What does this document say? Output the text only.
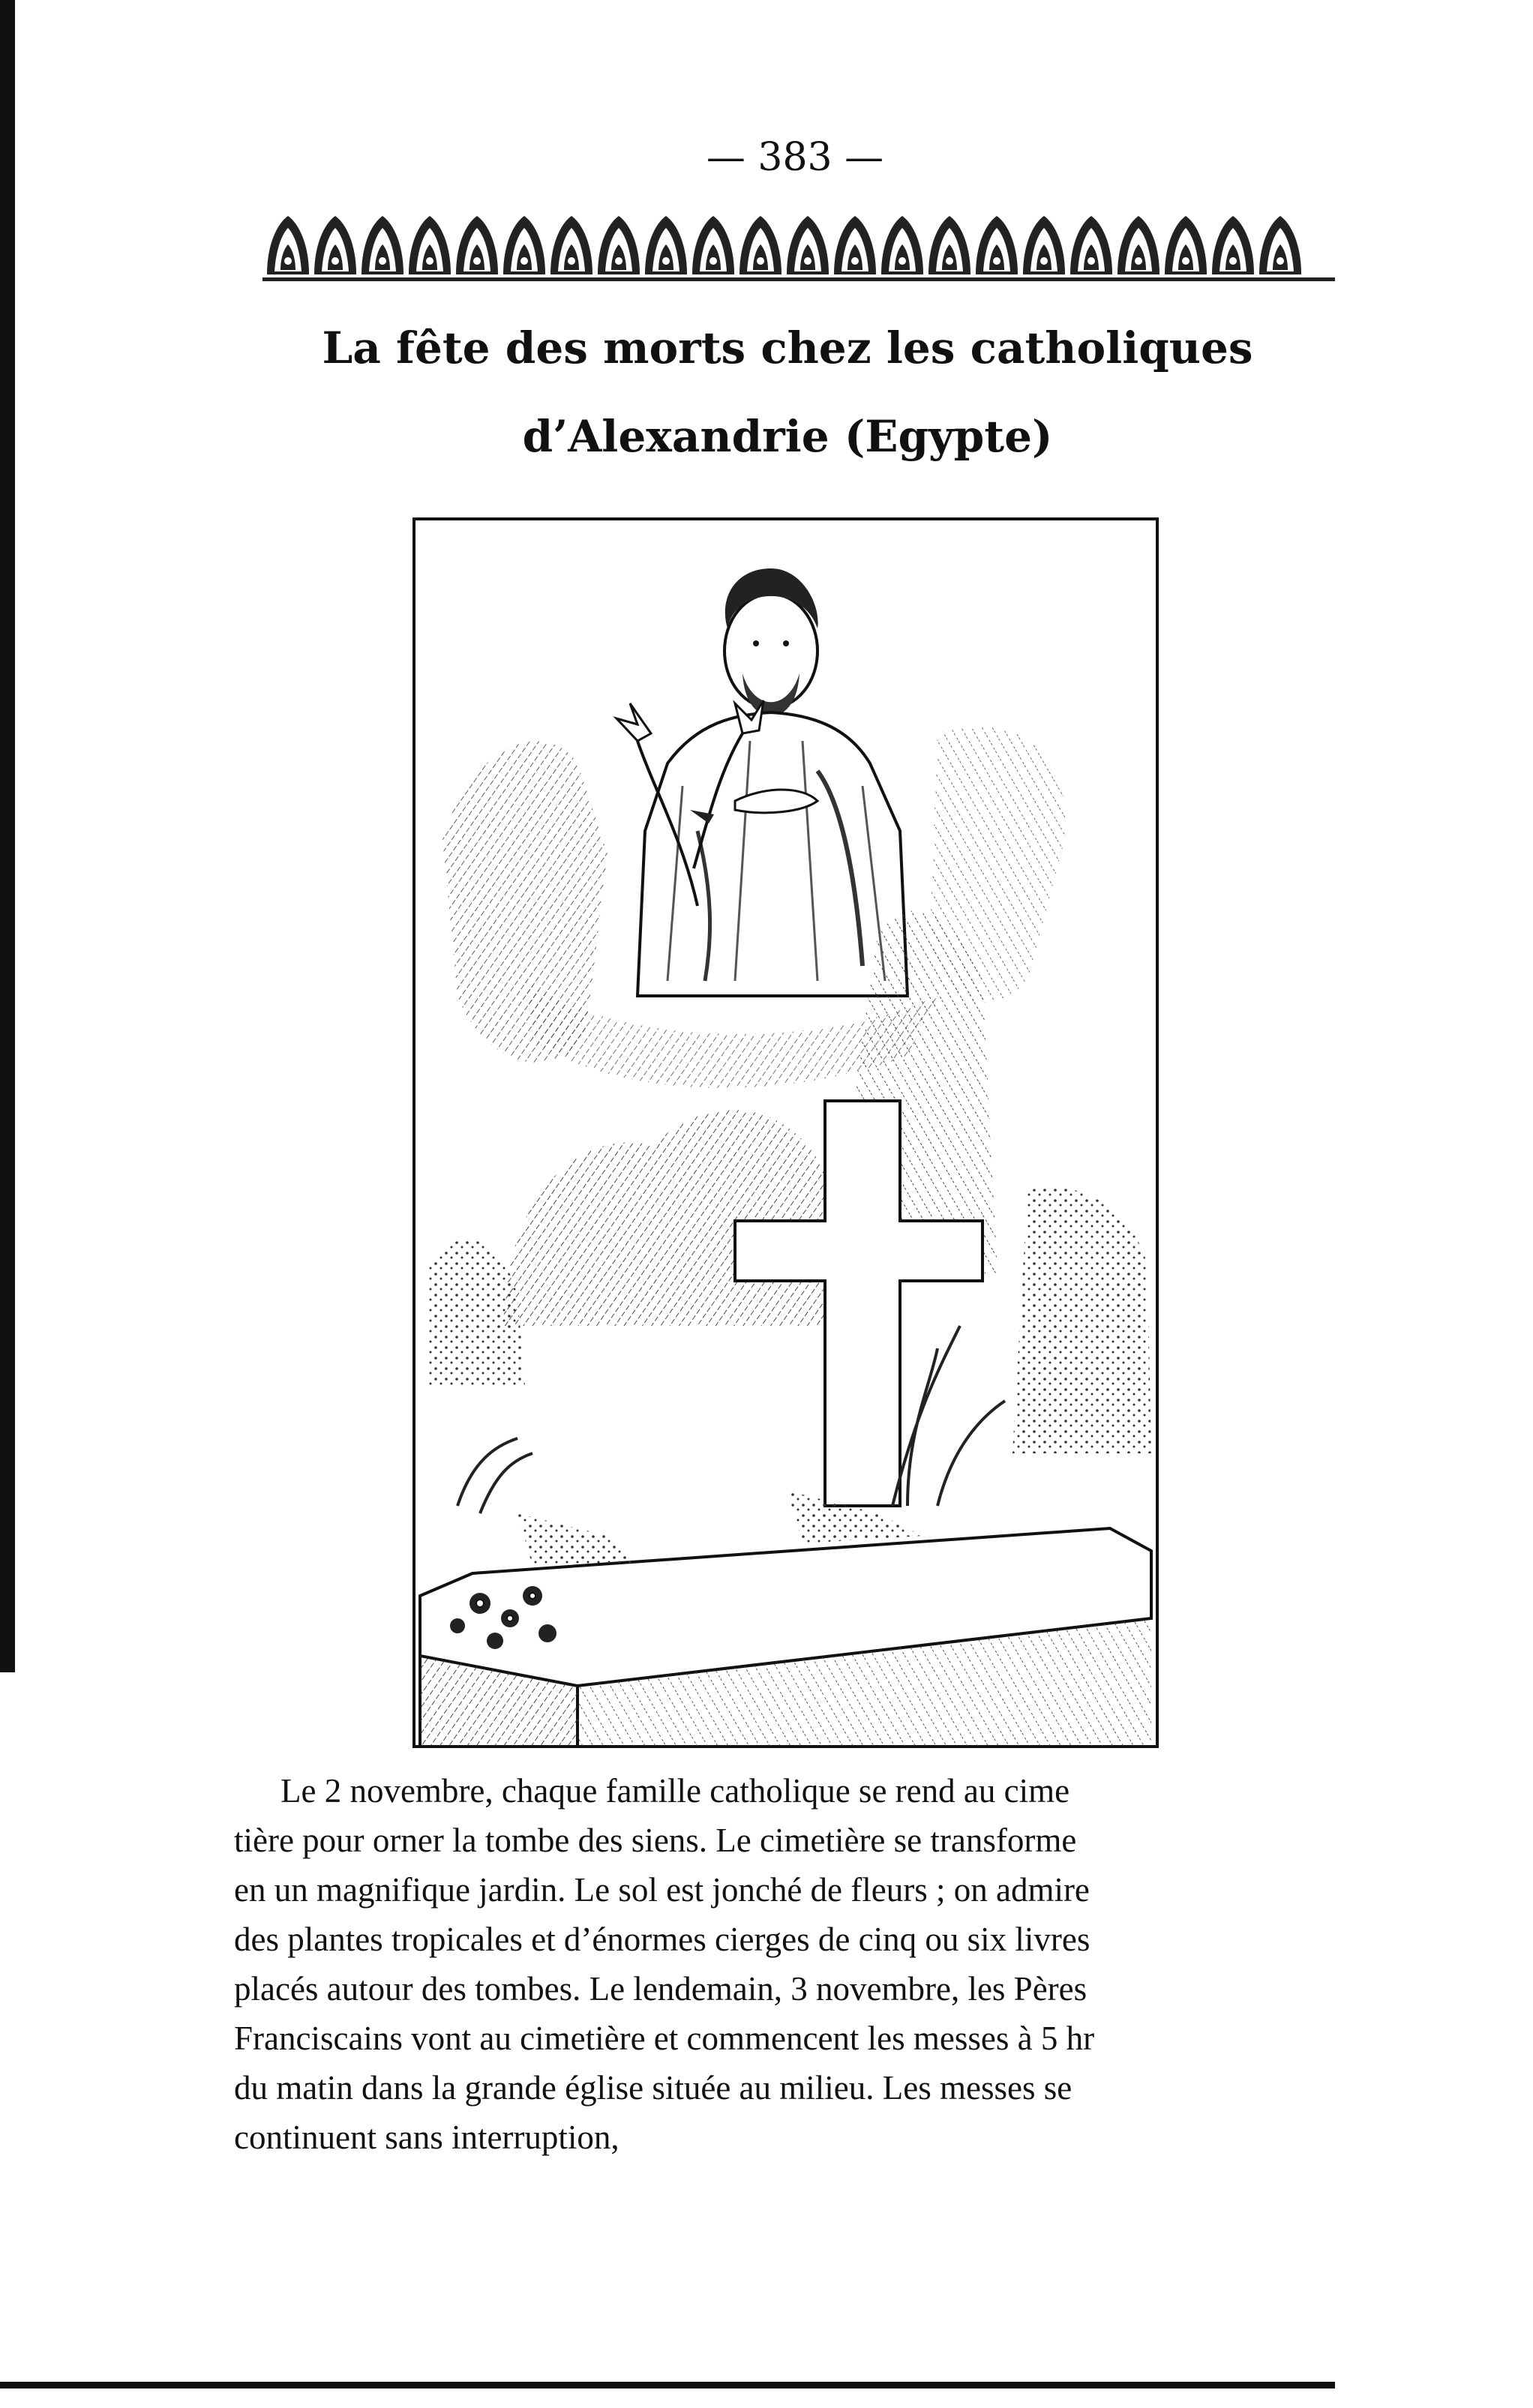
— 383 —
La fête des morts chez les catholiques
d’Alexandrie (Egypte)
Le 2 novembre, chaque famille catholique se rend au cime
tière pour orner la tombe des siens. Le cimetière se transforme
en un magnifique jardin. Le sol est jonché de fleurs ; on admire
des plantes tropicales et d’énormes cierges de cinq ou six livres
placés autour des tombes. Le lendemain, 3 novembre, les Pères
Franciscains vont au cimetière et commencent les messes à 5 hr
du matin dans la grande église située au milieu. Les messes se
continuent sans interruption,
